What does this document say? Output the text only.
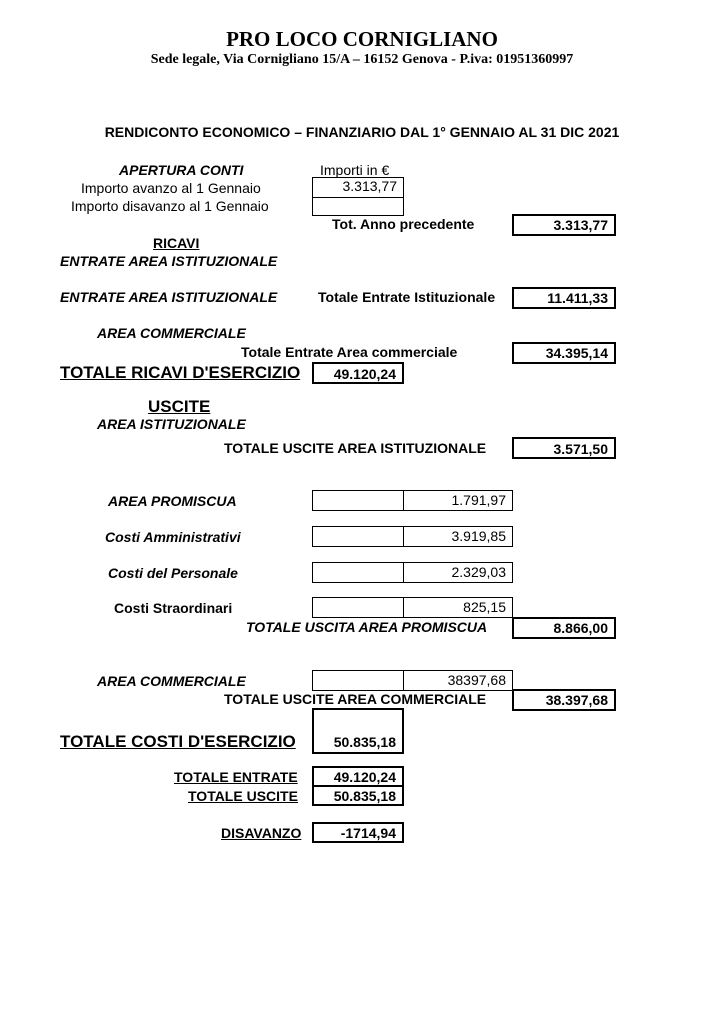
PRO LOCO CORNIGLIANO
Sede legale, Via Cornigliano 15/A – 16152 Genova - P.iva: 01951360997
RENDICONTO ECONOMICO – FINANZIARIO DAL 1° GENNAIO AL 31 DIC 2021
APERTURA CONTI	Importi in €
Importo avanzo al 1 Gennaio	3.313,77
Importo disavanzo al 1 Gennaio
Tot. Anno precedente	3.313,77
RICAVI
ENTRATE AREA ISTITUZIONALE
ENTRATE AREA ISTITUZIONALE	Totale Entrate Istituzionale	11.411,33
AREA COMMERCIALE
Totale Entrate Area commerciale	34.395,14
TOTALE RICAVI D'ESERCIZIO	49.120,24
USCITE
AREA ISTITUZIONALE
TOTALE USCITE AREA ISTITUZIONALE	3.571,50
AREA PROMISCUA	1.791,97
Costi Amministrativi	3.919,85
Costi del Personale	2.329,03
Costi Straordinari	825,15
TOTALE USCITA AREA PROMISCUA	8.866,00
AREA COMMERCIALE	38397,68
TOTALE USCITE AREA COMMERCIALE	38.397,68
TOTALE COSTI D'ESERCIZIO	50.835,18
TOTALE ENTRATE	49.120,24
TOTALE USCITE	50.835,18
DISAVANZO	-1714,94
